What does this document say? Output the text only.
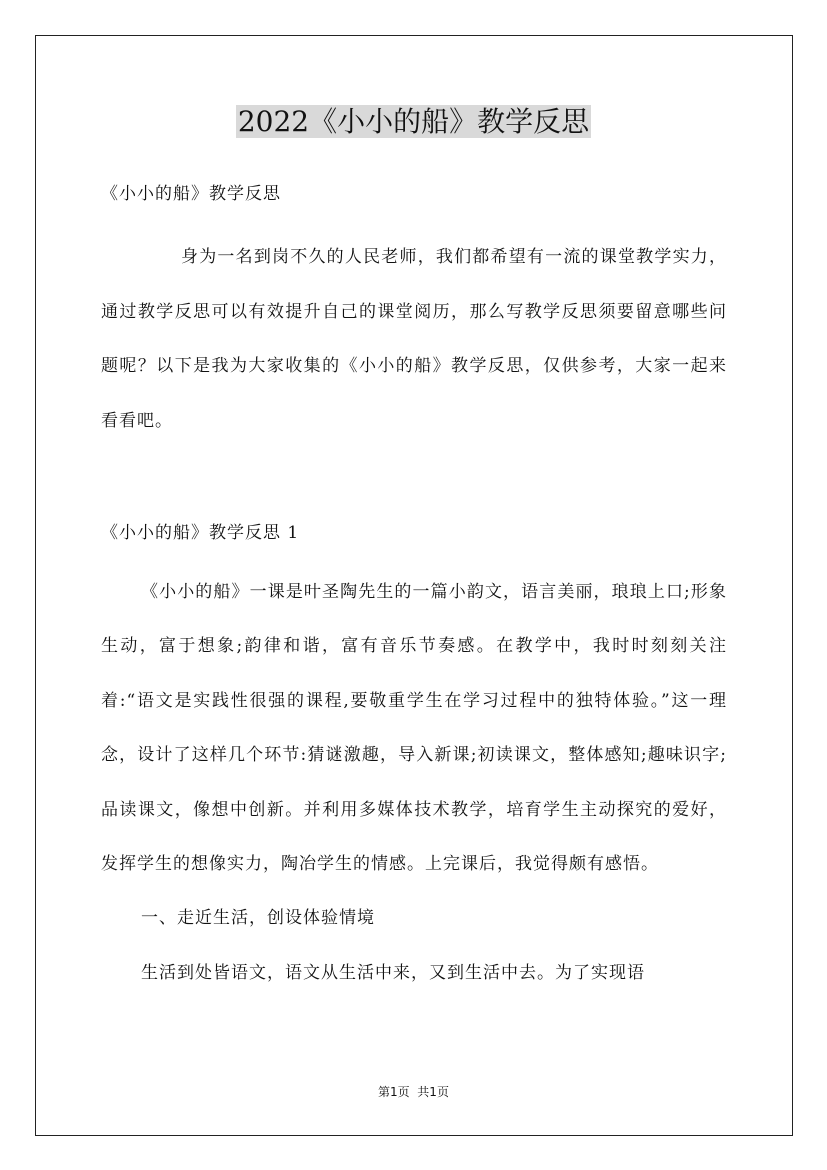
2022《小小的船》教学反思

《小小的船》教学反思

身为一名到岗不久的人民老师，我们都希望有一流的课堂教学实力，通过教学反思可以有效提升自己的课堂阅历，那么写教学反思须要留意哪些问题呢？以下是我为大家收集的《小小的船》教学反思，仅供参考，大家一起来看看吧。

《小小的船》教学反思 1

《小小的船》一课是叶圣陶先生的一篇小韵文，语言美丽，琅琅上口;形象生动，富于想象;韵律和谐，富有音乐节奏感。在教学中，我时时刻刻关注着:“语文是实践性很强的课程,要敬重学生在学习过程中的独特体验。”这一理念，设计了这样几个环节:猜谜激趣，导入新课;初读课文，整体感知;趣味识字;品读课文，像想中创新。并利用多媒体技术教学，培育学生主动探究的爱好，发挥学生的想像实力，陶冶学生的情感。上完课后，我觉得颇有感悟。

一、走近生活，创设体验情境

生活到处皆语文，语文从生活中来，又到生活中去。为了实现语

第1页  共1页
